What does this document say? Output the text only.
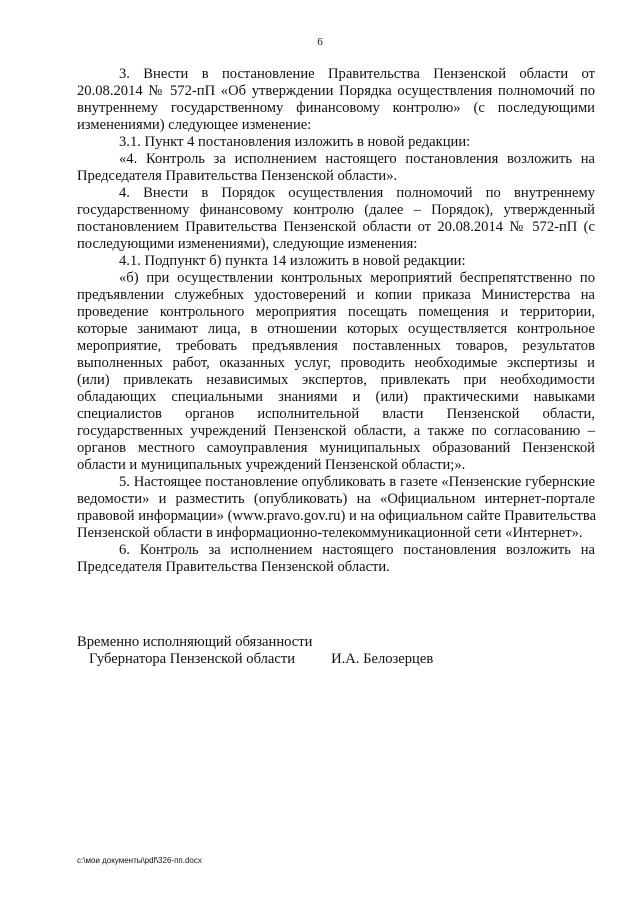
6
3. Внести в постановление Правительства Пензенской области от
20.08.2014 № 572-пП «Об утверждении Порядка осуществления полномочий по
внутреннему государственному финансовому контролю» (с последующими
изменениями) следующее изменение:
3.1. Пункт 4 постановления изложить в новой редакции:
«4. Контроль за исполнением настоящего постановления возложить на
Председателя Правительства Пензенской области».
4. Внести в Порядок осуществления полномочий по внутреннему
государственному финансовому контролю (далее – Порядок), утвержденный
постановлением Правительства Пензенской области от 20.08.2014 № 572-пП (с
последующими изменениями), следующие изменения:
4.1. Подпункт б) пункта 14 изложить в новой редакции:
«б) при осуществлении контрольных мероприятий беспрепятственно по
предъявлении служебных удостоверений и копии приказа Министерства на
проведение контрольного мероприятия посещать помещения и территории,
которые занимают лица, в отношении которых осуществляется контрольное
мероприятие, требовать предъявления поставленных товаров, результатов
выполненных работ, оказанных услуг, проводить необходимые экспертизы и
(или) привлекать независимых экспертов, привлекать при необходимости
обладающих специальными знаниями и (или) практическими навыками
специалистов органов исполнительной власти Пензенской области,
государственных учреждений Пензенской области, а также по согласованию –
органов местного самоуправления муниципальных образований Пензенской
области и муниципальных учреждений Пензенской области;».
5. Настоящее постановление опубликовать в газете «Пензенские губернские
ведомости» и разместить (опубликовать) на «Официальном интернет-портале
правовой информации» (www.pravo.gov.ru) и на официальном сайте Правительства
Пензенской области в информационно-телекоммуникационной сети «Интернет».
6. Контроль за исполнением настоящего постановления возложить на
Председателя Правительства Пензенской области.
Временно исполняющий обязанности
Губернатора Пензенской области И.А. Белозерцев
c:\мои документы\pdf\326-пп.docx
